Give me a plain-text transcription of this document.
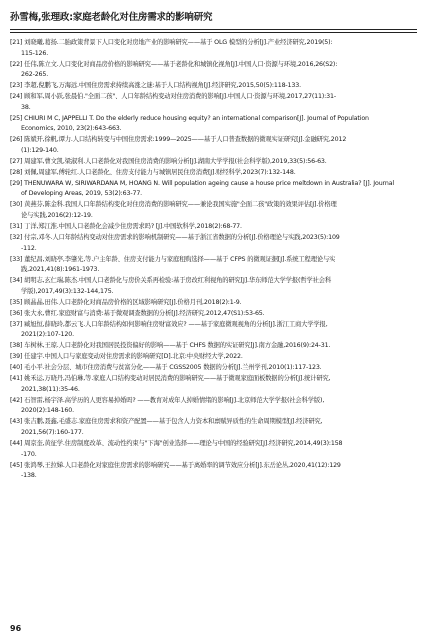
孙雪梅,张理政:家庭老龄化对住房需求的影响研究
[21] 刘晓曦,葛扬.二胎政策背景下人口变化对房地产业的影响研究——基于 OLG 模型的分析[J].产业经济研究,2019(5):
115-126.
[22] 任伟,陈立文.人口变化对商品房价格的影响研究——基于老龄化和城镇化视角[J].中国人口·资源与环境,2016,26(S2):
262-265.
[23] 李超,倪鹏飞,万海远.中国住房需求持续高涨之谜:基于人口结构视角[J].经济研究,2015,50(5):118-133.
[24] 顾和军,周小跃,张晨伯."全面二孩"、人口年龄结构变动对住房消费的影响[J].中国人口·资源与环境,2017,27(11):31-
38.
[25] CHIURI M C, JAPPELLI T. Do the elderly reduce housing equity? an international comparison[J]. Journal of Population
Economics, 2010, 23(2):643-663.
[26] 陈斌开,徐帆,谭力.人口结构转变与中国住房需求:1999—2025——基于人口普查数据的微观实证研究[J].金融研究,2012
(1):129-140.
[27] 周建军,曹文凯,梁淑利.人口老龄化对我国住房消费的影响分析[J].湖南大学学报(社会科学版),2019,33(5):56-63.
[28] 刘佩,周建军,傅轮红.人口老龄化、住房支付能力与城镇居民住房消费[J].财经科学,2023(7):132-148.
[29] THENUWARA W, SIRIWARDANA M, HOANG N. Will population ageing cause a house price meltdown in Australia? [J]. Journal
of Developing Areas, 2019, 53(2):63-77.
[30] 黄燕芬,陈金科.我国人口年龄结构变化对住房消费的影响研究——兼论我国实施"全面二孩"政策的效果评估[J].价格理
论与实践,2016(2):12-19.
[31] 丁洋,郑江淮.中国人口老龄化会减少住房需求吗? [J].中国软科学,2018(2):68-77.
[32] 付宗,邓冬.人口年龄结构变动对住房需求的影响机制研究——基于浙江省数据的分析[J].价格理论与实践,2023(5):109
-112.
[33] 董纪昌,刘晓亭,李肇光,等.户主年龄、住房支付能力与家庭租购选择——基于 CFPS 的微观证据[J].系统工程理论与实
践,2021,41(8):1961-1973.
[34] 胡明志,玄仁瑞,陈杰.中国人口老龄化与房价关系再检验:基于房改红利视角的研究[J].华东师范大学学报(哲学社会科
学版),2017,49(3):132-144,175.
[35] 顾晶晶,田伟.人口老龄化对商品房价格的区域影响研究[J].价格月刊,2018(2):1-9.
[36] 张大永,曹红.家庭财富与消费:基于微观调查数据的分析[J].经济研究,2012,47(S1):53-65.
[37] 臧旭恒,薛晓玲,都云飞.人口年龄结构如何影响住房财富效应? ——基于家庭微观视角的分析[J].浙江工商大学学报,
2021(2):107-120.
[38] 车树林,王琼.人口老龄化对我国居民投资偏好的影响——基于 CHFS 数据的实证研究[J].南方金融,2016(9):24-31.
[39] 任建宇.中国人口与家庭变动对住房需求的影响研究[D].北京:中央财经大学,2022.
[40] 毛小平.社会分层、城市住房消费与贫富分化——基于 CGSS2005 数据的分析[J].兰州学刊,2010(1):117-123.
[41] 姚禾运,万晓丹,冯伯琳,等.家庭人口结构变动对居民消费的影响研究——基于微观家庭面板数据的分析[J].统计研究,
2021,38(11):35-46.
[42] 石智雷,杨宇泽.高学历的人更容易掉婚吗? ——教育对成年人掉婚情绪的影响[J].北京师范大学学报(社会科学版),
2020(2):148-160.
[43] 张吉鹏,聂鑫,毛盛志.家庭住房需求和资产配置——基于包含人力资本和禀赋异质性的生命周期模型[J].经济研究,
2021,56(7):160-177.
[44] 周京奎,黄征学.住房制度改革、流动性约束与"下海"创业选择——理论与中国的经验研究[J].经济研究,2014,49(3):158
-170.
[45] 张鸿琴,王拉娣.人口老龄化对家庭住房需求的影响研究——基于离婚率的调节效应分析[J].东岳论丛,2020,41(12):129
-138.
96
